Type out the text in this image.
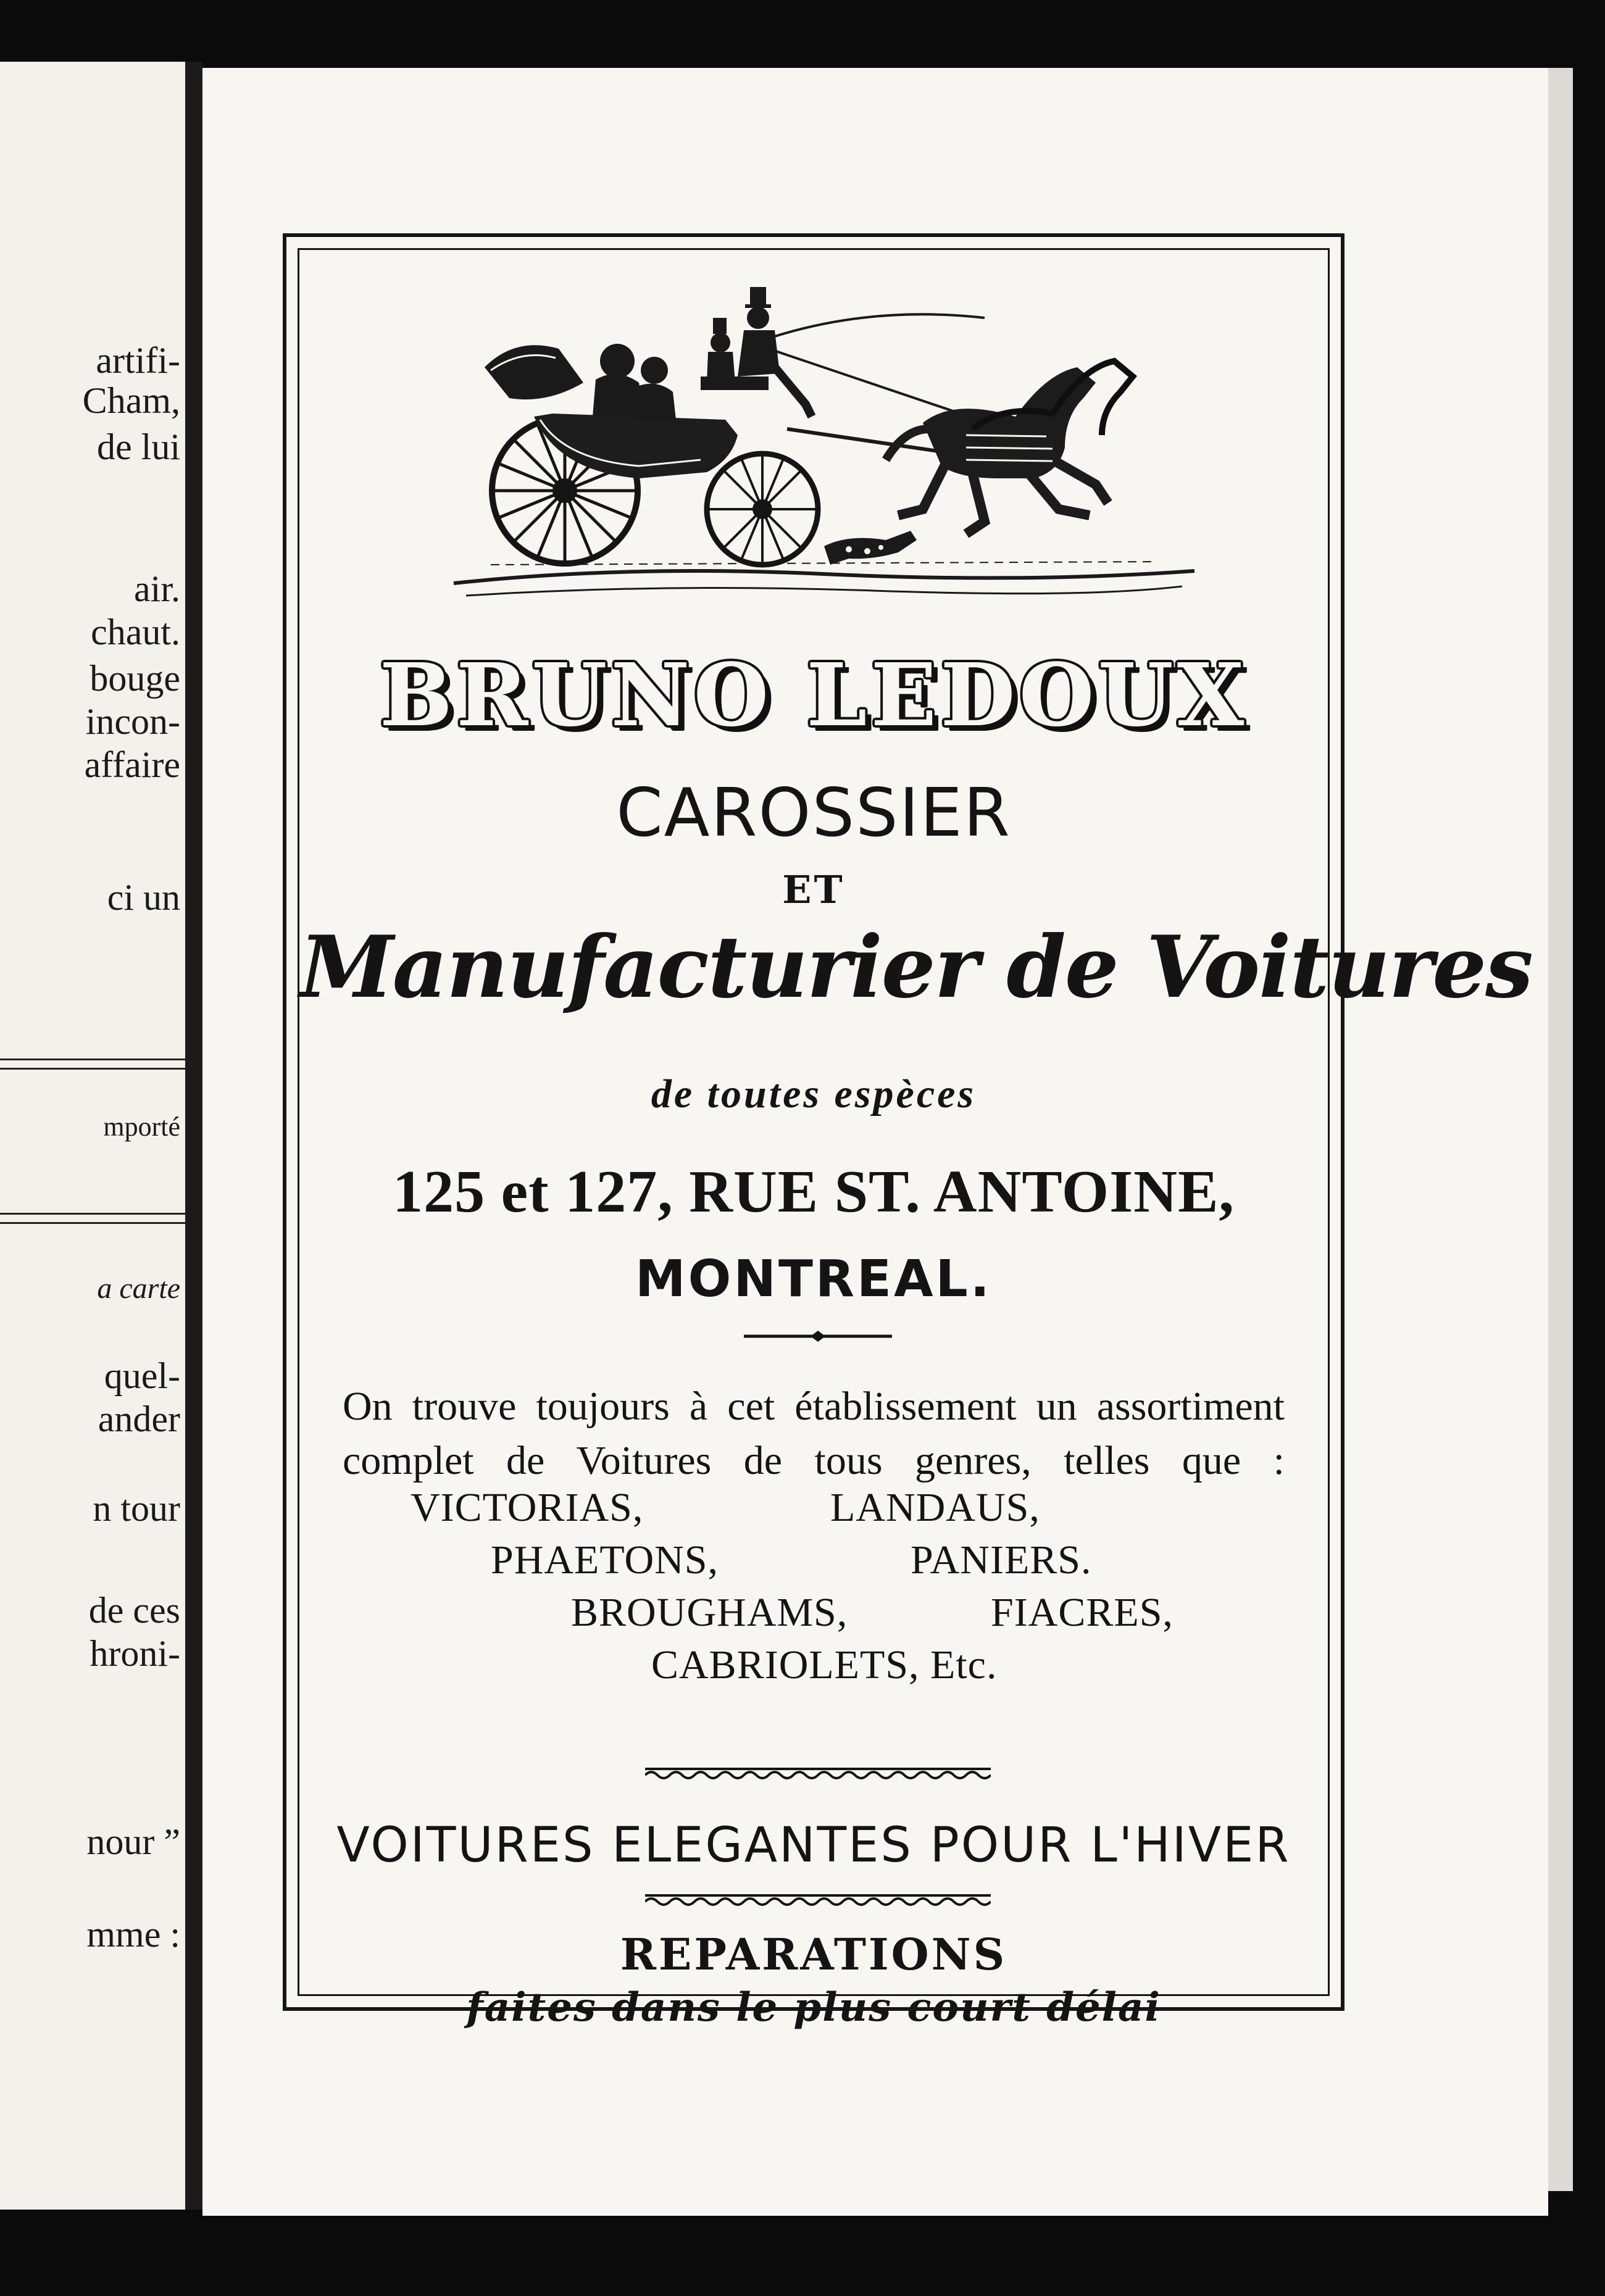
artifi-
Cham,
de lui
air.
chaut.
bouge
incon-
affaire
ci un
mporté
a carte
quel-
ander
n tour
de ces
hroni-
nour ”
mme :
BRUNO LEDOUX
CAROSSIER
ET
Manufacturier de Voitures
de toutes espèces
125 et 127, RUE ST. ANTOINE,
MONTREAL.
On trouve toujours à cet établissement un assortiment complet de Voitures de tous genres, telles que :
VICTORIAS,	LANDAUS,
PHAETONS,	PANIERS.
BROUGHAMS,	FIACRES,
CABRIOLETS, Etc.
VOITURES ELEGANTES POUR L'HIVER
REPARATIONS
faites dans le plus court délai
